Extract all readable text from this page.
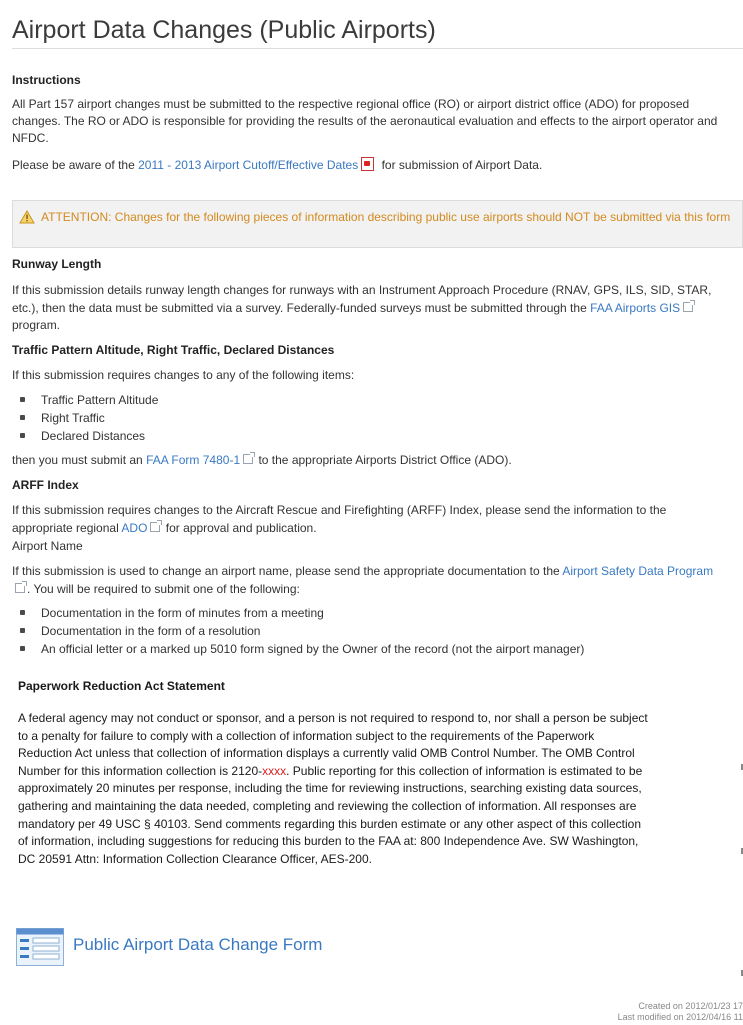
Airport Data Changes (Public Airports)

Instructions

All Part 157 airport changes must be submitted to the respective regional office (RO) or airport district office (ADO) for proposed changes. The RO or ADO is responsible for providing the results of the aeronautical evaluation and effects to the airport operator and NFDC.

Please be aware of the 2011 - 2013 Airport Cutoff/Effective Dates for submission of Airport Data.

ATTENTION: Changes for the following pieces of information describing public use airports should NOT be submitted via this form

Runway Length

If this submission details runway length changes for runways with an Instrument Approach Procedure (RNAV, GPS, ILS, SID, STAR, etc.), then the data must be submitted via a survey. Federally-funded surveys must be submitted through the FAA Airports GIS program.

Traffic Pattern Altitude, Right Traffic, Declared Distances

If this submission requires changes to any of the following items:

Traffic Pattern Altitude
Right Traffic
Declared Distances

then you must submit an FAA Form 7480-1 to the appropriate Airports District Office (ADO).

ARFF Index

If this submission requires changes to the Aircraft Rescue and Firefighting (ARFF) Index, please send the information to the appropriate regional ADO for approval and publication.

Airport Name

If this submission is used to change an airport name, please send the appropriate documentation to the Airport Safety Data Program. You will be required to submit one of the following:

Documentation in the form of minutes from a meeting
Documentation in the form of a resolution
An official letter or a marked up 5010 form signed by the Owner of the record (not the airport manager)

Paperwork Reduction Act Statement

A federal agency may not conduct or sponsor, and a person is not required to respond to, nor shall a person be subject to a penalty for failure to comply with a collection of information subject to the requirements of the Paperwork Reduction Act unless that collection of information displays a currently valid OMB Control Number. The OMB Control Number for this information collection is 2120-xxxx. Public reporting for this collection of information is estimated to be approximately 20 minutes per response, including the time for reviewing instructions, searching existing data sources, gathering and maintaining the data needed, completing and reviewing the collection of information. All responses are mandatory per 49 USC § 40103. Send comments regarding this burden estimate or any other aspect of this collection of information, including suggestions for reducing this burden to the FAA at: 800 Independence Ave. SW Washington, DC 20591 Attn: Information Collection Clearance Officer, AES-200.

Public Airport Data Change Form
Created on 2012/01/23 17
Last modified on 2012/04/16 11
